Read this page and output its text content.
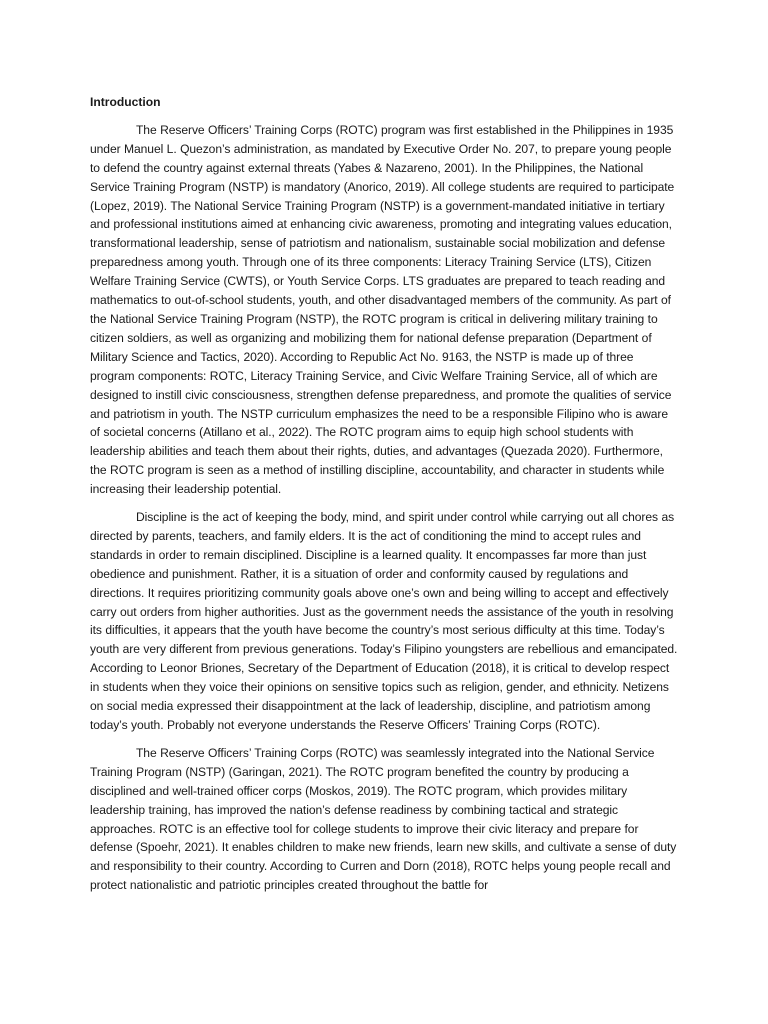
Introduction

The Reserve Officers’ Training Corps (ROTC) program was first established in the Philippines in 1935 under Manuel L. Quezon’s administration, as mandated by Executive Order No. 207, to prepare young people to defend the country against external threats (Yabes & Nazareno, 2001). In the Philippines, the National Service Training Program (NSTP) is mandatory (Anorico, 2019). All college students are required to participate (Lopez, 2019). The National Service Training Program (NSTP) is a government-mandated initiative in tertiary and professional institutions aimed at enhancing civic awareness, promoting and integrating values education, transformational leadership, sense of patriotism and nationalism, sustainable social mobilization and defense preparedness among youth. Through one of its three components: Literacy Training Service (LTS), Citizen Welfare Training Service (CWTS), or Youth Service Corps. LTS graduates are prepared to teach reading and mathematics to out-of-school students, youth, and other disadvantaged members of the community. As part of the National Service Training Program (NSTP), the ROTC program is critical in delivering military training to citizen soldiers, as well as organizing and mobilizing them for national defense preparation (Department of Military Science and Tactics, 2020). According to Republic Act No. 9163, the NSTP is made up of three program components: ROTC, Literacy Training Service, and Civic Welfare Training Service, all of which are designed to instill civic consciousness, strengthen defense preparedness, and promote the qualities of service and patriotism in youth. The NSTP curriculum emphasizes the need to be a responsible Filipino who is aware of societal concerns (Atillano et al., 2022). The ROTC program aims to equip high school students with leadership abilities and teach them about their rights, duties, and advantages (Quezada 2020). Furthermore, the ROTC program is seen as a method of instilling discipline, accountability, and character in students while increasing their leadership potential.

Discipline is the act of keeping the body, mind, and spirit under control while carrying out all chores as directed by parents, teachers, and family elders. It is the act of conditioning the mind to accept rules and standards in order to remain disciplined. Discipline is a learned quality. It encompasses far more than just obedience and punishment. Rather, it is a situation of order and conformity caused by regulations and directions. It requires prioritizing community goals above one’s own and being willing to accept and effectively carry out orders from higher authorities. Just as the government needs the assistance of the youth in resolving its difficulties, it appears that the youth have become the country’s most serious difficulty at this time. Today’s youth are very different from previous generations. Today’s Filipino youngsters are rebellious and emancipated. According to Leonor Briones, Secretary of the Department of Education (2018), it is critical to develop respect in students when they voice their opinions on sensitive topics such as religion, gender, and ethnicity. Netizens on social media expressed their disappointment at the lack of leadership, discipline, and patriotism among today’s youth. Probably not everyone understands the Reserve Officers’ Training Corps (ROTC).

The Reserve Officers’ Training Corps (ROTC) was seamlessly integrated into the National Service Training Program (NSTP) (Garingan, 2021). The ROTC program benefited the country by producing a disciplined and well-trained officer corps (Moskos, 2019). The ROTC program, which provides military leadership training, has improved the nation’s defense readiness by combining tactical and strategic approaches. ROTC is an effective tool for college students to improve their civic literacy and prepare for defense (Spoehr, 2021). It enables children to make new friends, learn new skills, and cultivate a sense of duty and responsibility to their country. According to Curren and Dorn (2018), ROTC helps young people recall and protect nationalistic and patriotic principles created throughout the battle for
